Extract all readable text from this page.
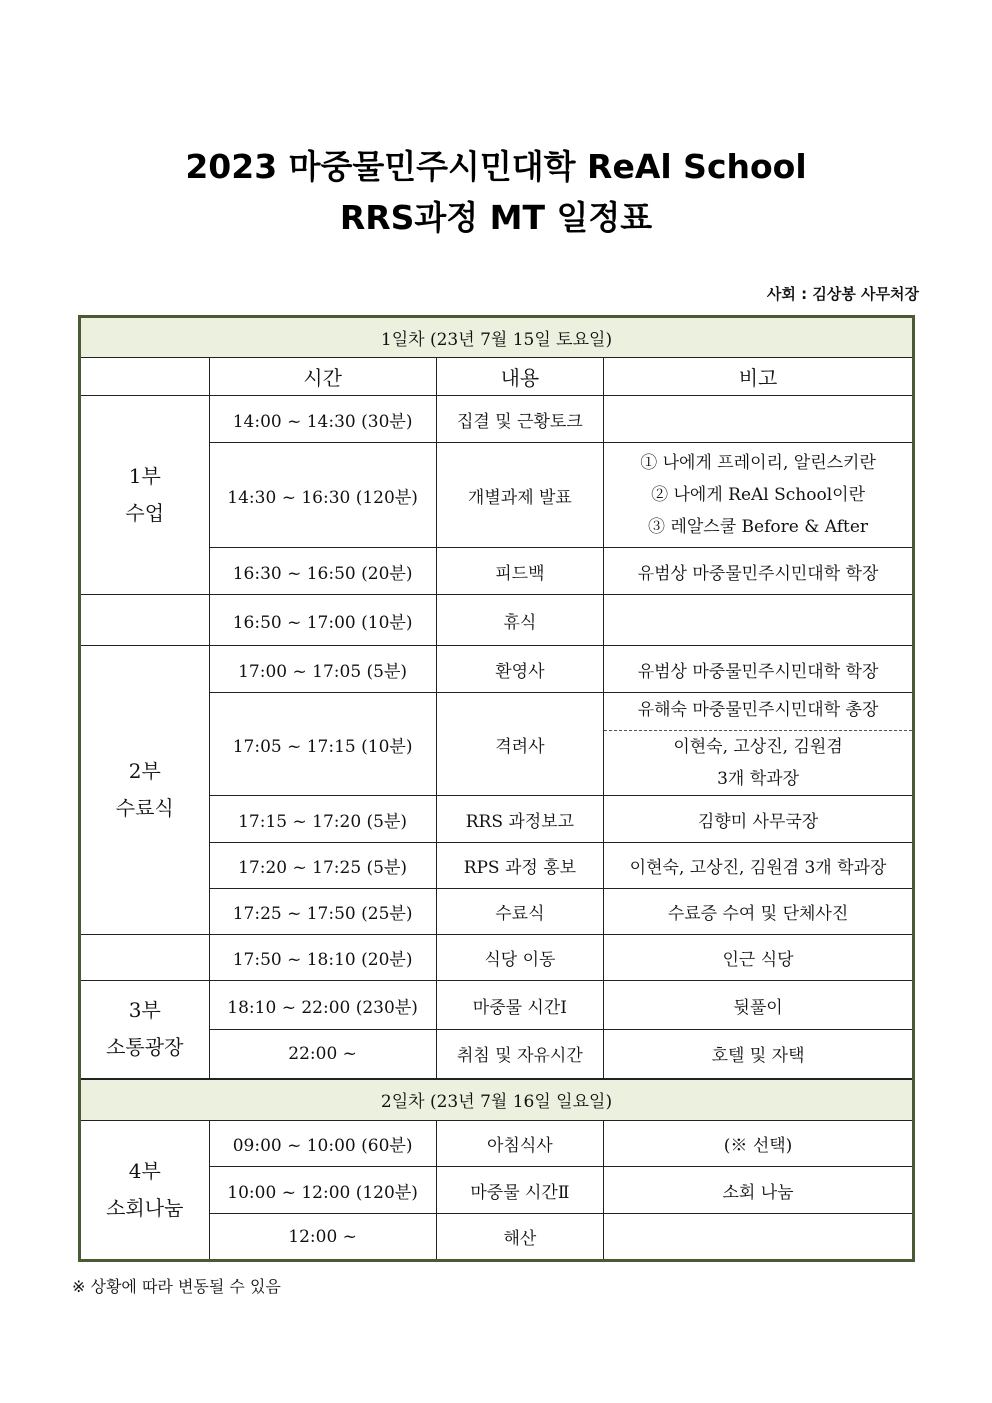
2023 마중물민주시민대학 ReAl School
RRS과정 MT 일정표
사회 : 김상봉 사무처장
1일차 (23년 7월 15일 토요일)			
	시간	내용	비고

1부
수업	14:00 ~ 14:30 (30분)	집결 및 근황토크	
	14:30 ~ 16:30 (120분)	개별과제 발표	① 나에게 프레이리, 알린스키란
② 나에게 ReAl School이란
③ 레알스쿨 Before & After

	16:30 ~ 16:50 (20분)	피드백	유범상 마중물민주시민대학 학장
	16:50 ~ 17:00 (10분)	휴식	

2부
수료식	17:00 ~ 17:05 (5분)	환영사	유범상 마중물민주시민대학 학장
	17:05 ~ 17:15 (10분)	격려사	유해숙 마중물민주시민대학 총장
이현숙, 고상진, 김원겸
3개 학과장

	17:15 ~ 17:20 (5분)	RRS 과정보고	김향미 사무국장
	17:20 ~ 17:25 (5분)	RPS 과정 홍보	이현숙, 고상진, 김원겸 3개 학과장
	17:25 ~ 17:50 (25분)	수료식	수료증 수여 및 단체사진
	17:50 ~ 18:10 (20분)	식당 이동	인근 식당

3부
소통광장	18:10 ~ 22:00 (230분)	마중물 시간Ⅰ	뒷풀이
	22:00 ~	취침 및 자유시간	호텔 및 자택
2일차 (23년 7월 16일 일요일)			

4부
소회나눔	09:00 ~ 10:00 (60분)	아침식사	(※ 선택)
	10:00 ~ 12:00 (120분)	마중물 시간Ⅱ	소회 나눔
	12:00 ~	해산	
※ 상황에 따라 변동될 수 있음
